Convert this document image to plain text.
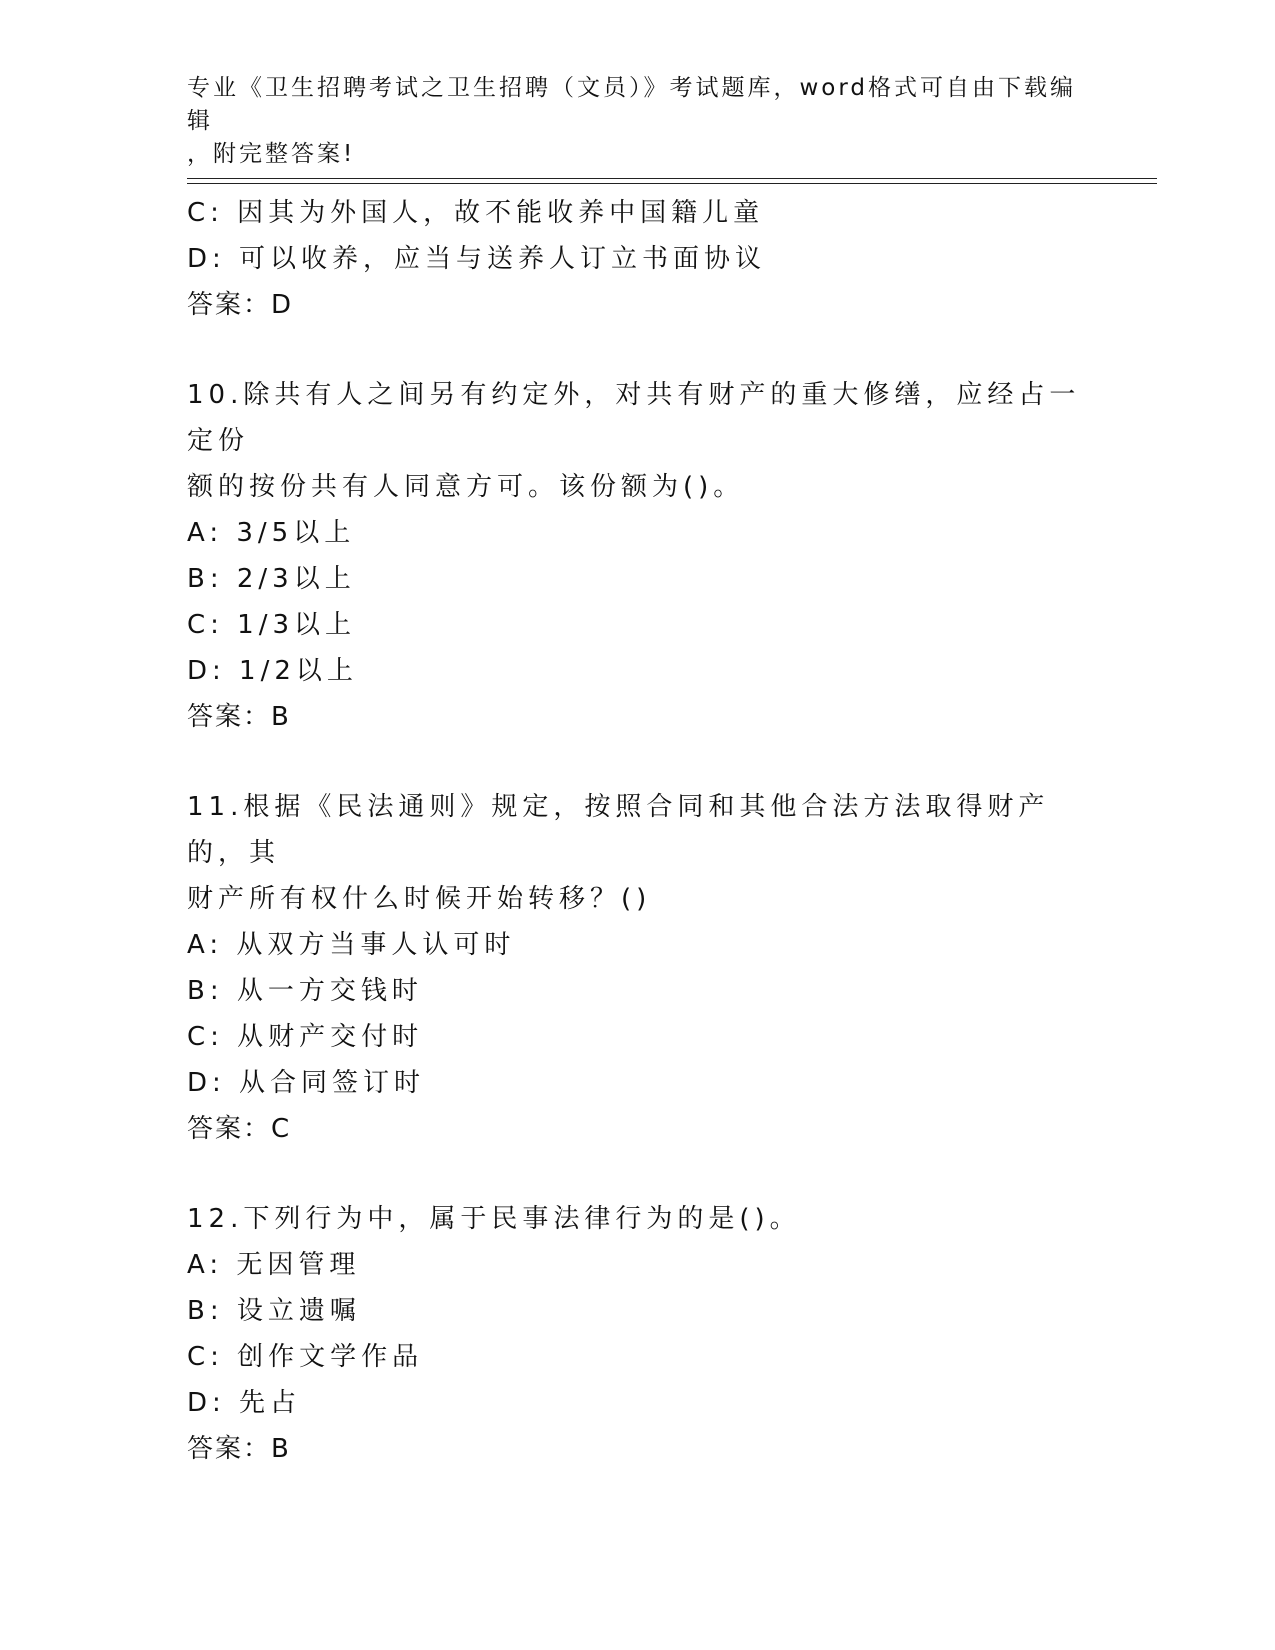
专业《卫生招聘考试之卫生招聘（文员）》考试题库，word格式可自由下载编辑
，附完整答案!
C: 因其为外国人，故不能收养中国籍儿童
D: 可以收养，应当与送养人订立书面协议
答案：D
10.除共有人之间另有约定外，对共有财产的重大修缮，应经占一定份
额的按份共有人同意方可。该份额为()。
A: 3/5以上
B: 2/3以上
C: 1/3以上
D: 1/2以上
答案：B
11.根据《民法通则》规定，按照合同和其他合法方法取得财产的，其
财产所有权什么时候开始转移？()
A: 从双方当事人认可时
B: 从一方交钱时
C: 从财产交付时
D: 从合同签订时
答案：C
12.下列行为中，属于民事法律行为的是()。
A: 无因管理
B: 设立遗嘱
C: 创作文学作品
D: 先占
答案：B
